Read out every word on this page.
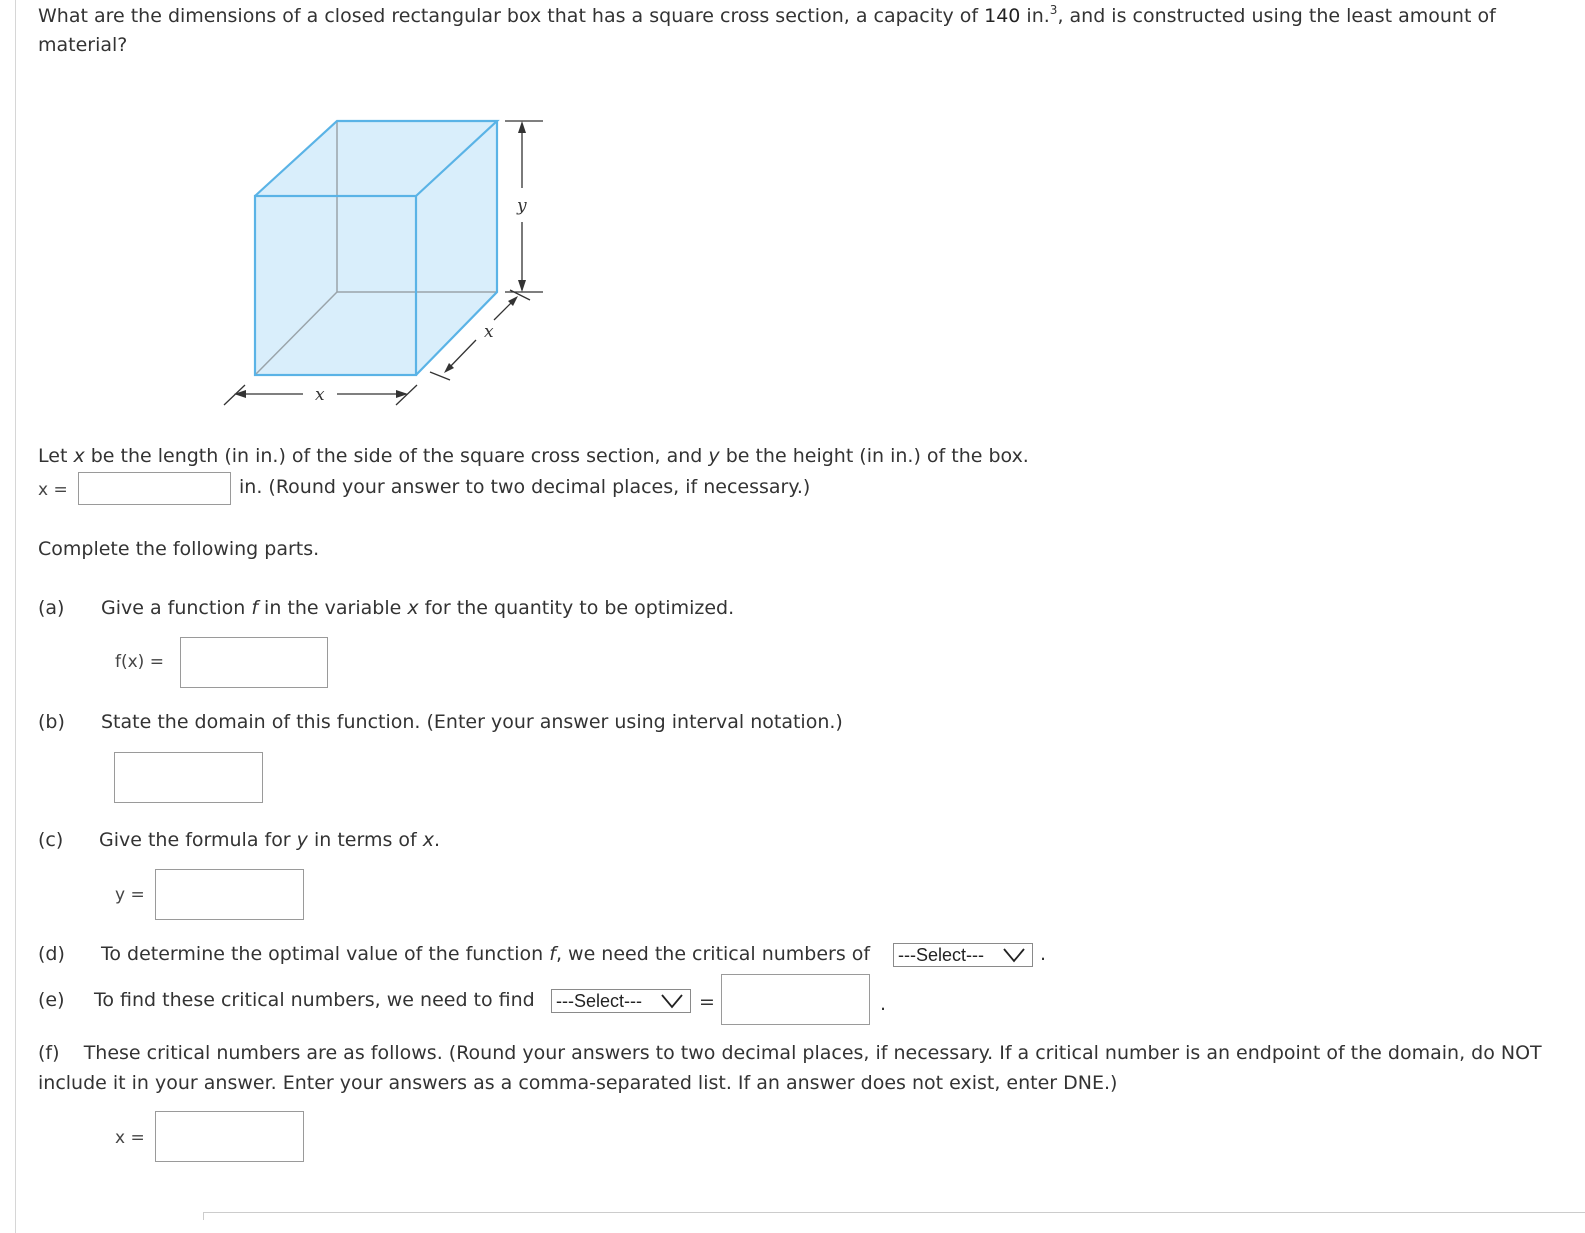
What are the dimensions of a closed rectangular box that has a square cross section, a capacity of 140 in.$^3$, and is constructed using the least amount of material?
y
x
x
Let x be the length (in in.) of the side of the square cross section, and y be the height (in in.) of the box.
x =	in. (Round your answer to two decimal places, if necessary.)
Complete the following parts.
(a) Give a function f in the variable x for the quantity to be optimized.
f(x) =
(b) State the domain of this function. (Enter your answer using interval notation.)
(c) Give the formula for y in terms of x.
y =
(d) To determine the optimal value of the function f, we need the critical numbers of ---Select---	.
(e) To find these critical numbers, we need to find ---Select---	=	.
(f) These critical numbers are as follows. (Round your answers to two decimal places, if necessary. If a critical number is an endpoint of the domain, do NOT include it in your answer. Enter your answers as a comma-separated list. If an answer does not exist, enter DNE.)
x =
